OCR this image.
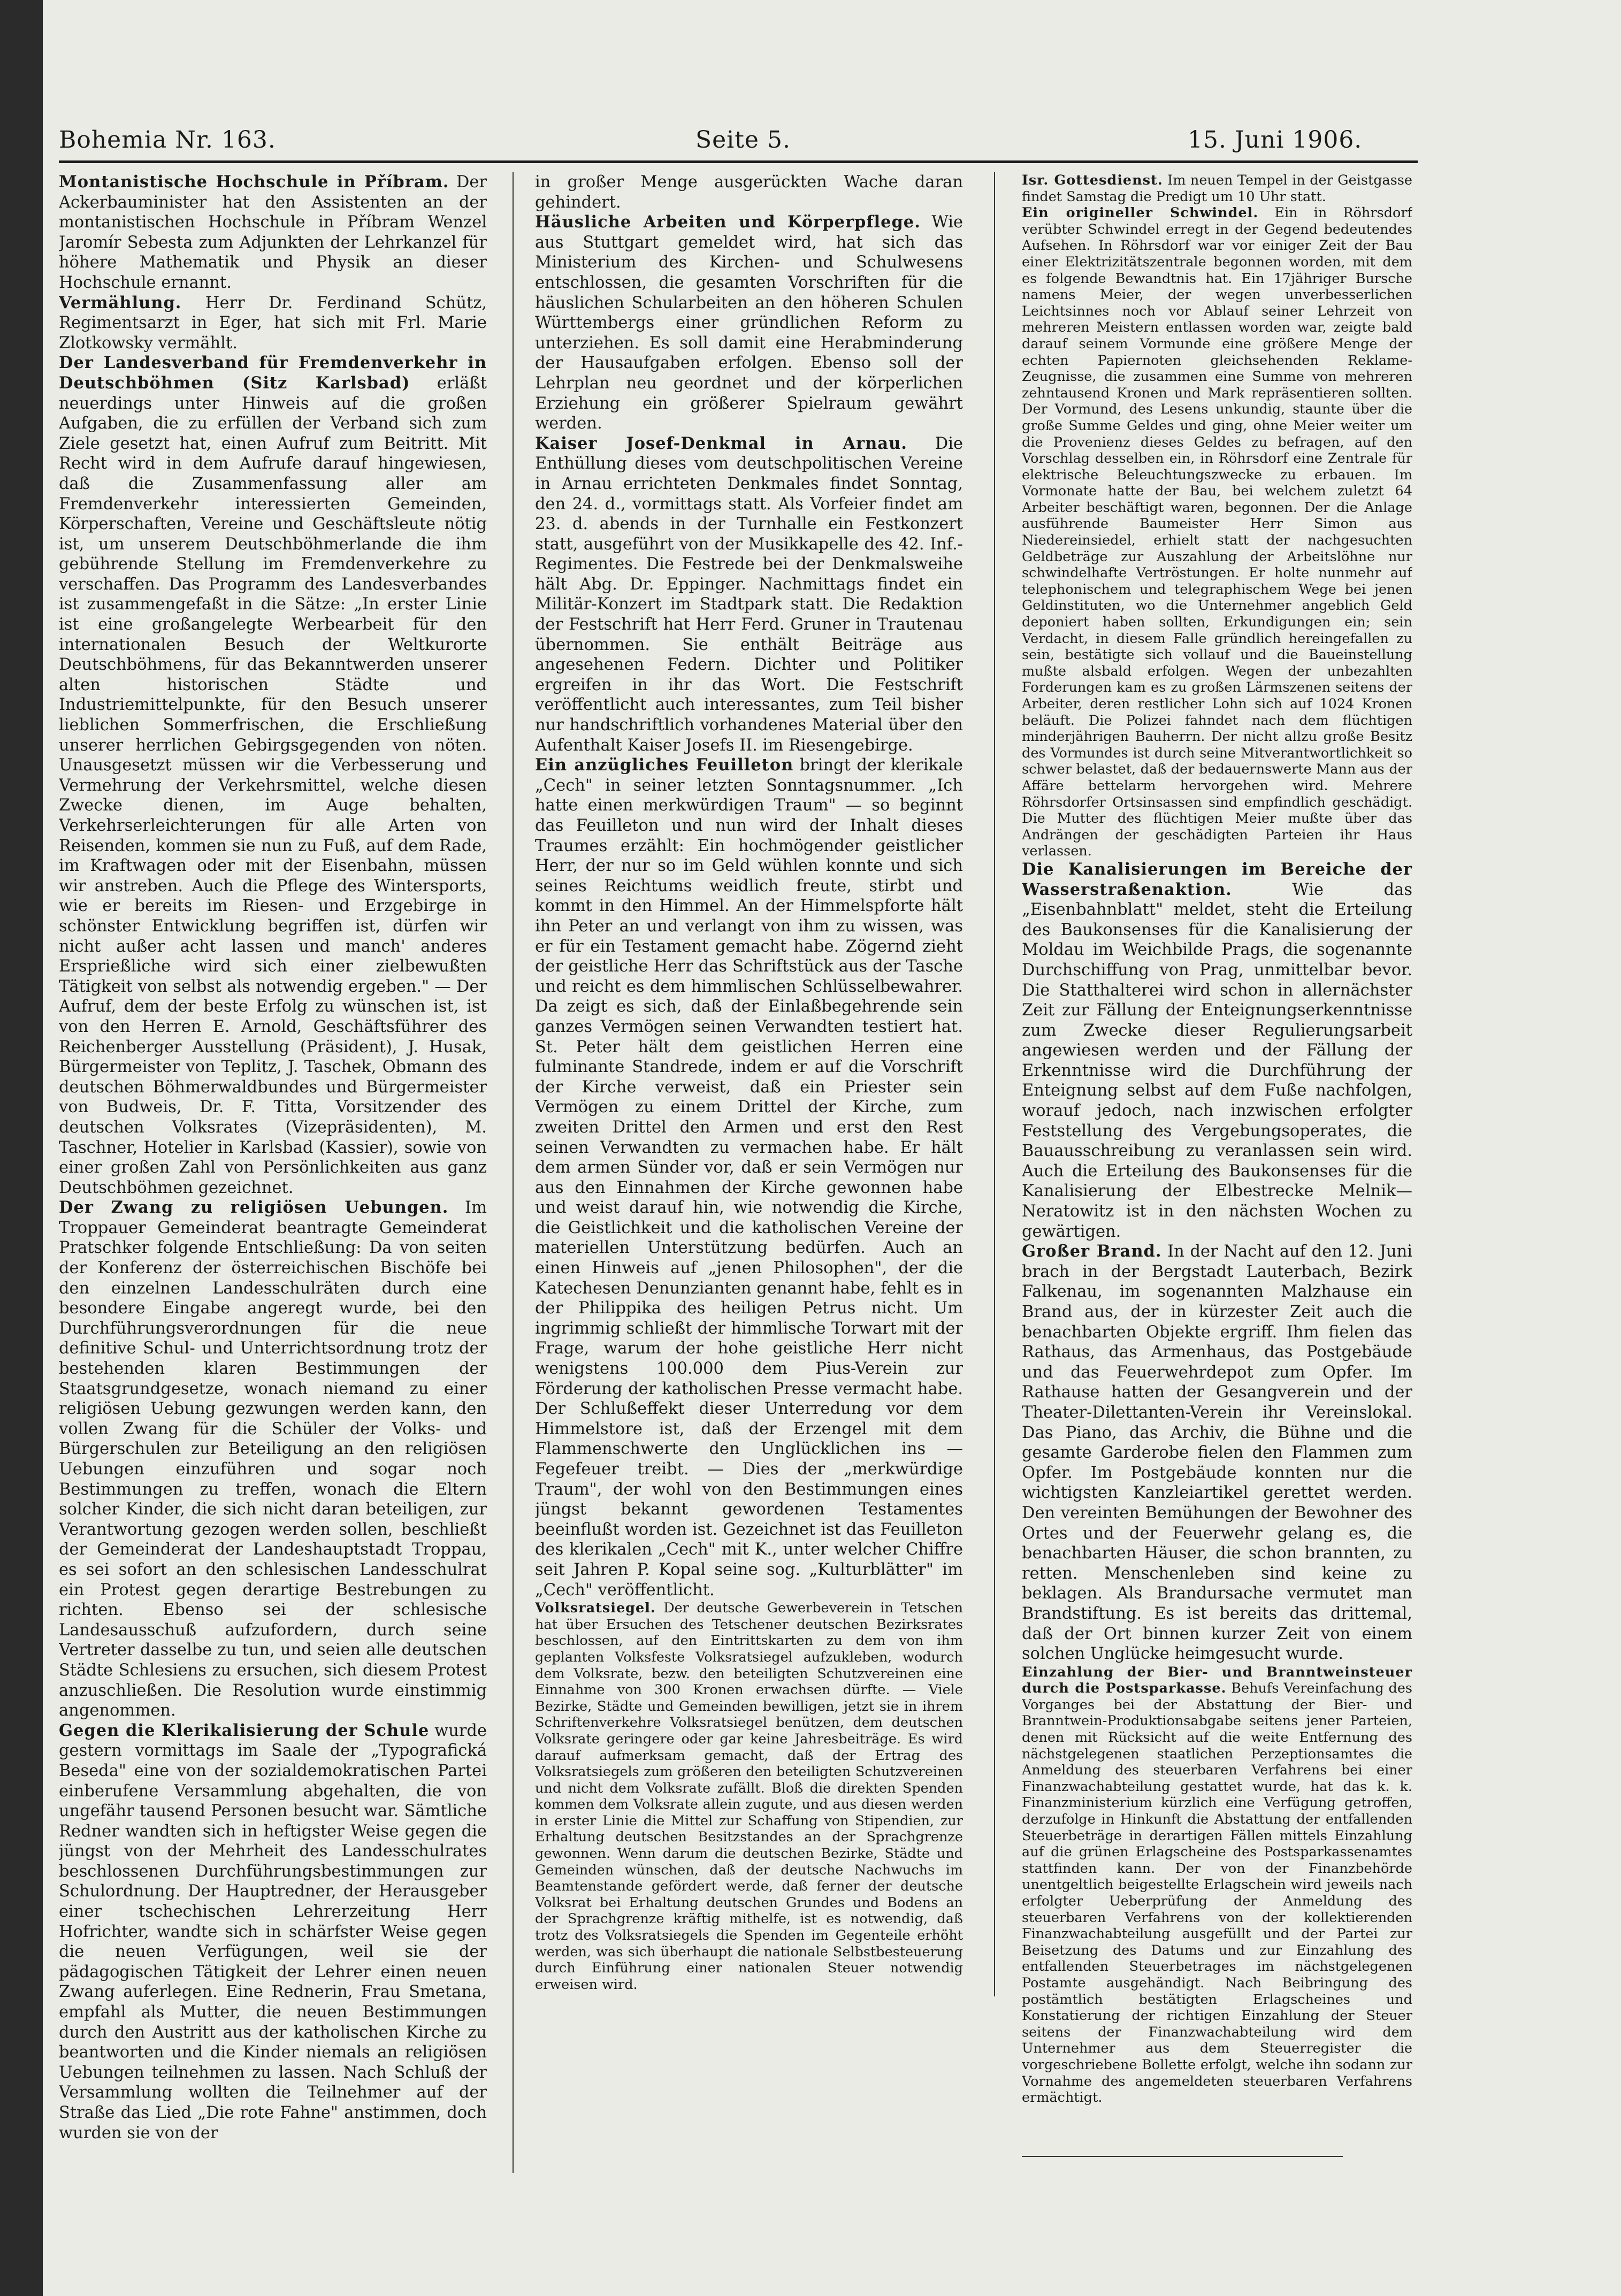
Bohemia Nr. 163.	Seite 5.	15. Juni 1906.

Montanistische Hochschule in Příbram. Der Ackerbauminister hat den Assistenten an der montanistischen Hochschule in Příbram Wenzel Jaromír Sebesta zum Adjunkten der Lehrkanzel für höhere Mathematik und Physik an dieser Hochschule ernannt.

Vermählung. Herr Dr. Ferdinand Schütz, Regimentsarzt in Eger, hat sich mit Frl. Marie Zlotkowsky vermählt.

Der Landesverband für Fremdenverkehr in Deutschböhmen (Sitz Karlsbad) erläßt neuerdings unter Hinweis auf die großen Aufgaben, die zu erfüllen der Verband sich zum Ziele gesetzt hat, einen Aufruf zum Beitritt. Mit Recht wird in dem Aufrufe darauf hingewiesen, daß die Zusammenfassung aller am Fremdenverkehr interessierten Gemeinden, Körperschaften, Vereine und Geschäftsleute nötig ist, um unserem Deutschböhmerlande die ihm gebührende Stellung im Fremdenverkehre zu verschaffen. Das Programm des Landesverbandes ist zusammengefaßt in die Sätze: „In erster Linie ist eine großangelegte Werbearbeit für den internationalen Besuch der Weltkurorte Deutschböhmens, für das Bekanntwerden unserer alten historischen Städte und Industriemittelpunkte, für den Besuch unserer lieblichen Sommerfrischen, die Erschließung unserer herrlichen Gebirgsgegenden von nöten. Unausgesetzt müssen wir die Verbesserung und Vermehrung der Verkehrsmittel, welche diesen Zwecke dienen, im Auge behalten, Verkehrserleichterungen für alle Arten von Reisenden, kommen sie nun zu Fuß, auf dem Rade, im Kraftwagen oder mit der Eisenbahn, müssen wir anstreben. Auch die Pflege des Wintersports, wie er bereits im Riesen- und Erzgebirge in schönster Entwicklung begriffen ist, dürfen wir nicht außer acht lassen und manch' anderes Ersprießliche wird sich einer zielbewußten Tätigkeit von selbst als notwendig ergeben." — Der Aufruf, dem der beste Erfolg zu wünschen ist, ist von den Herren E. Arnold, Geschäftsführer des Reichenberger Ausstellung (Präsident), J. Husak, Bürgermeister von Teplitz, J. Taschek, Obmann des deutschen Böhmerwaldbundes und Bürgermeister von Budweis, Dr. F. Titta, Vorsitzender des deutschen Volksrates (Vizepräsidenten), M. Taschner, Hotelier in Karlsbad (Kassier), sowie von einer großen Zahl von Persönlichkeiten aus ganz Deutschböhmen gezeichnet.

Der Zwang zu religiösen Uebungen. Im Troppauer Gemeinderat beantragte Gemeinderat Pratschker folgende Entschließung: Da von seiten der Konferenz der österreichischen Bischöfe bei den einzelnen Landesschulräten durch eine besondere Eingabe angeregt wurde, bei den Durchführungsverordnungen für die neue definitive Schul- und Unterrichtsordnung trotz der bestehenden klaren Bestimmungen der Staatsgrundgesetze, wonach niemand zu einer religiösen Uebung gezwungen werden kann, den vollen Zwang für die Schüler der Volks- und Bürgerschulen zur Beteiligung an den religiösen Uebungen einzuführen und sogar noch Bestimmungen zu treffen, wonach die Eltern solcher Kinder, die sich nicht daran beteiligen, zur Verantwortung gezogen werden sollen, beschließt der Gemeinderat der Landeshauptstadt Troppau, es sei sofort an den schlesischen Landesschulrat ein Protest gegen derartige Bestrebungen zu richten. Ebenso sei der schlesische Landesausschuß aufzufordern, durch seine Vertreter dasselbe zu tun, und seien alle deutschen Städte Schlesiens zu ersuchen, sich diesem Protest anzuschließen. Die Resolution wurde einstimmig angenommen.

Gegen die Klerikalisierung der Schule wurde gestern vormittags im Saale der „Typografická Beseda" eine von der sozialdemokratischen Partei einberufene Versammlung abgehalten, die von ungefähr tausend Personen besucht war. Sämtliche Redner wandten sich in heftigster Weise gegen die jüngst von der Mehrheit des Landesschulrates beschlossenen Durchführungsbestimmungen zur Schulordnung. Der Hauptredner, der Herausgeber einer tschechischen Lehrerzeitung Herr Hofrichter, wandte sich in schärfster Weise gegen die neuen Verfügungen, weil sie der pädagogischen Tätigkeit der Lehrer einen neuen Zwang auferlegen. Eine Rednerin, Frau Smetana, empfahl als Mutter, die neuen Bestimmungen durch den Austritt aus der katholischen Kirche zu beantworten und die Kinder niemals an religiösen Uebungen teilnehmen zu lassen. Nach Schluß der Versammlung wollten die Teilnehmer auf der Straße das Lied „Die rote Fahne" anstimmen, doch wurden sie von der

in großer Menge ausgerückten Wache daran gehindert.

Häusliche Arbeiten und Körperpflege. Wie aus Stuttgart gemeldet wird, hat sich das Ministerium des Kirchen- und Schulwesens entschlossen, die gesamten Vorschriften für die häuslichen Schularbeiten an den höheren Schulen Württembergs einer gründlichen Reform zu unterziehen. Es soll damit eine Herabminderung der Hausaufgaben erfolgen. Ebenso soll der Lehrplan neu geordnet und der körperlichen Erziehung ein größerer Spielraum gewährt werden.

Kaiser Josef-Denkmal in Arnau. Die Enthüllung dieses vom deutschpolitischen Vereine in Arnau errichteten Denkmales findet Sonntag, den 24. d., vormittags statt. Als Vorfeier findet am 23. d. abends in der Turnhalle ein Festkonzert statt, ausgeführt von der Musikkapelle des 42. Inf.-Regimentes. Die Festrede bei der Denkmalsweihe hält Abg. Dr. Eppinger. Nachmittags findet ein Militär-Konzert im Stadtpark statt. Die Redaktion der Festschrift hat Herr Ferd. Gruner in Trautenau übernommen. Sie enthält Beiträge aus angesehenen Federn. Dichter und Politiker ergreifen in ihr das Wort. Die Festschrift veröffentlicht auch interessantes, zum Teil bisher nur handschriftlich vorhandenes Material über den Aufenthalt Kaiser Josefs II. im Riesengebirge.

Ein anzügliches Feuilleton bringt der klerikale „Cech" in seiner letzten Sonntagsnummer. „Ich hatte einen merkwürdigen Traum" — so beginnt das Feuilleton und nun wird der Inhalt dieses Traumes erzählt: Ein hochmögender geistlicher Herr, der nur so im Geld wühlen konnte und sich seines Reichtums weidlich freute, stirbt und kommt in den Himmel. An der Himmelspforte hält ihn Peter an und verlangt von ihm zu wissen, was er für ein Testament gemacht habe. Zögernd zieht der geistliche Herr das Schriftstück aus der Tasche und reicht es dem himmlischen Schlüsselbewahrer. Da zeigt es sich, daß der Einlaßbegehrende sein ganzes Vermögen seinen Verwandten testiert hat. St. Peter hält dem geistlichen Herren eine fulminante Standrede, indem er auf die Vorschrift der Kirche verweist, daß ein Priester sein Vermögen zu einem Drittel der Kirche, zum zweiten Drittel den Armen und erst den Rest seinen Verwandten zu vermachen habe. Er hält dem armen Sünder vor, daß er sein Vermögen nur aus den Einnahmen der Kirche gewonnen habe und weist darauf hin, wie notwendig die Kirche, die Geistlichkeit und die katholischen Vereine der materiellen Unterstützung bedürfen. Auch an einen Hinweis auf „jenen Philosophen", der die Katechesen Denunzianten genannt habe, fehlt es in der Philippika des heiligen Petrus nicht. Um ingrimmig schließt der himmlische Torwart mit der Frage, warum der hohe geistliche Herr nicht wenigstens 100.000 dem Pius-Verein zur Förderung der katholischen Presse vermacht habe. Der Schlußeffekt dieser Unterredung vor dem Himmelstore ist, daß der Erzengel mit dem Flammenschwerte den Unglücklichen ins — Fegefeuer treibt. — Dies der „merkwürdige Traum", der wohl von den Bestimmungen eines jüngst bekannt gewordenen Testamentes beeinflußt worden ist. Gezeichnet ist das Feuilleton des klerikalen „Cech" mit K., unter welcher Chiffre seit Jahren P. Kopal seine sog. „Kulturblätter" im „Cech" veröffentlicht.

Volksratsiegel. Der deutsche Gewerbeverein in Tetschen hat über Ersuchen des Tetschener deutschen Bezirksrates beschlossen, auf den Eintrittskarten zu dem von ihm geplanten Volksfeste Volksratsiegel aufzukleben, wodurch dem Volksrate, bezw. den beteiligten Schutzvereinen eine Einnahme von 300 Kronen erwachsen dürfte. — Viele Bezirke, Städte und Gemeinden bewilligen, jetzt sie in ihrem Schriftenverkehre Volksratsiegel benützen, dem deutschen Volksrate geringere oder gar keine Jahresbeiträge. Es wird darauf aufmerksam gemacht, daß der Ertrag des Volksratsiegels zum größeren den beteiligten Schutzvereinen und nicht dem Volksrate zufällt. Bloß die direkten Spenden kommen dem Volksrate allein zugute, und aus diesen werden in erster Linie die Mittel zur Schaffung von Stipendien, zur Erhaltung deutschen Besitzstandes an der Sprachgrenze gewonnen. Wenn darum die deutschen Bezirke, Städte und Gemeinden wünschen, daß der deutsche Nachwuchs im Beamtenstande gefördert werde, daß ferner der deutsche Volksrat bei Erhaltung deutschen Grundes und Bodens an der Sprachgrenze kräftig mithelfe, ist es notwendig, daß trotz des Volksratsiegels die Spenden im Gegenteile erhöht werden, was sich überhaupt die nationale Selbstbesteuerung durch Einführung einer nationalen Steuer notwendig erweisen wird.

Isr. Gottesdienst. Im neuen Tempel in der Geistgasse findet Samstag die Predigt um 10 Uhr statt.

Ein origineller Schwindel. Ein in Röhrsdorf verübter Schwindel erregt in der Gegend bedeutendes Aufsehen. In Röhrsdorf war vor einiger Zeit der Bau einer Elektrizitätszentrale begonnen worden, mit dem es folgende Bewandtnis hat. Ein 17jähriger Bursche namens Meier, der wegen unverbesserlichen Leichtsinnes noch vor Ablauf seiner Lehrzeit von mehreren Meistern entlassen worden war, zeigte bald darauf seinem Vormunde eine größere Menge der echten Papiernoten gleichsehenden Reklame-Zeugnisse, die zusammen eine Summe von mehreren zehntausend Kronen und Mark repräsentieren sollten. Der Vormund, des Lesens unkundig, staunte über die große Summe Geldes und ging, ohne Meier weiter um die Provenienz dieses Geldes zu befragen, auf den Vorschlag desselben ein, in Röhrsdorf eine Zentrale für elektrische Beleuchtungszwecke zu erbauen. Im Vormonate hatte der Bau, bei welchem zuletzt 64 Arbeiter beschäftigt waren, begonnen. Der die Anlage ausführende Baumeister Herr Simon aus Niedereinsiedel, erhielt statt der nachgesuchten Geldbeträge zur Auszahlung der Arbeitslöhne nur schwindelhafte Vertröstungen. Er holte nunmehr auf telephonischem und telegraphischem Wege bei jenen Geldinstituten, wo die Unternehmer angeblich Geld deponiert haben sollten, Erkundigungen ein; sein Verdacht, in diesem Falle gründlich hereingefallen zu sein, bestätigte sich vollauf und die Baueinstellung mußte alsbald erfolgen. Wegen der unbezahlten Forderungen kam es zu großen Lärmszenen seitens der Arbeiter, deren restlicher Lohn sich auf 1024 Kronen beläuft. Die Polizei fahndet nach dem flüchtigen minderjährigen Bauherrn. Der nicht allzu große Besitz des Vormundes ist durch seine Mitverantwortlichkeit so schwer belastet, daß der bedauernswerte Mann aus der Affäre bettelarm hervorgehen wird. Mehrere Röhrsdorfer Ortsinsassen sind empfindlich geschädigt. Die Mutter des flüchtigen Meier mußte über das Andrängen der geschädigten Parteien ihr Haus verlassen.

Die Kanalisierungen im Bereiche der Wasserstraßenaktion.	Wie das „Eisenbahnblatt" meldet, steht die Erteilung des Baukonsenses für die Kanalisierung der Moldau im Weichbilde Prags, die sogenannte Durchschiffung von Prag, unmittelbar bevor. Die Statthalterei wird schon in allernächster Zeit zur Fällung der Enteignungserkenntnisse zum Zwecke dieser Regulierungsarbeit angewiesen werden und der Fällung der Erkenntnisse wird die Durchführung der Enteignung selbst auf dem Fuße nachfolgen, worauf jedoch, nach inzwischen erfolgter Feststellung des Vergebungsoperates, die Bauausschreibung zu veranlassen sein wird. Auch die Erteilung des Baukonsenses für die Kanalisierung der Elbestrecke Melnik—Neratowitz ist in den nächsten Wochen zu gewärtigen.

Großer Brand. In der Nacht auf den 12. Juni brach in der Bergstadt Lauterbach, Bezirk Falkenau, im sogenannten Malzhause ein Brand aus, der in kürzester Zeit auch die benachbarten Objekte ergriff. Ihm fielen das Rathaus, das Armenhaus, das Postgebäude und das Feuerwehrdepot zum Opfer. Im Rathause hatten der Gesangverein und der Theater-Dilettanten-Verein ihr Vereinslokal. Das Piano, das Archiv, die Bühne und die gesamte Garderobe fielen den Flammen zum Opfer. Im Postgebäude konnten nur die wichtigsten Kanzleiartikel gerettet werden. Den vereinten Bemühungen der Bewohner des Ortes und der Feuerwehr gelang es, die benachbarten Häuser, die schon brannten, zu retten. Menschenleben sind keine zu beklagen. Als Brandursache vermutet man Brandstiftung. Es ist bereits das drittemal, daß der Ort binnen kurzer Zeit von einem solchen Unglücke heimgesucht wurde.

Einzahlung der Bier- und Branntweinsteuer durch die Postsparkasse. Behufs Vereinfachung des Vorganges bei der Abstattung der Bier- und Branntwein-Produktionsabgabe seitens jener Parteien, denen mit Rücksicht auf die weite Entfernung des nächstgelegenen staatlichen Perzeptionsamtes die Anmeldung des steuerbaren Verfahrens bei einer Finanzwachabteilung gestattet wurde, hat das k. k. Finanzministerium kürzlich eine Verfügung getroffen, derzufolge in Hinkunft die Abstattung der entfallenden Steuerbeträge in derartigen Fällen mittels Einzahlung auf die grünen Erlagscheine des Postsparkassenamtes stattfinden kann. Der von der Finanzbehörde unentgeltlich beigestellte Erlagschein wird jeweils nach erfolgter Ueberprüfung der Anmeldung des steuerbaren Verfahrens von der kollektierenden Finanzwachabteilung ausgefüllt und der Partei zur Beisetzung des Datums und zur Einzahlung des entfallenden Steuerbetrages im nächstgelegenen Postamte ausgehändigt. Nach Beibringung des postämtlich bestätigten Erlagscheines und Konstatierung der richtigen Einzahlung der Steuer seitens der Finanzwachabteilung wird dem Unternehmer aus dem Steuerregister die vorgeschriebene Bollette erfolgt, welche ihn sodann zur Vornahme des angemeldeten steuerbaren Verfahrens ermächtigt.
